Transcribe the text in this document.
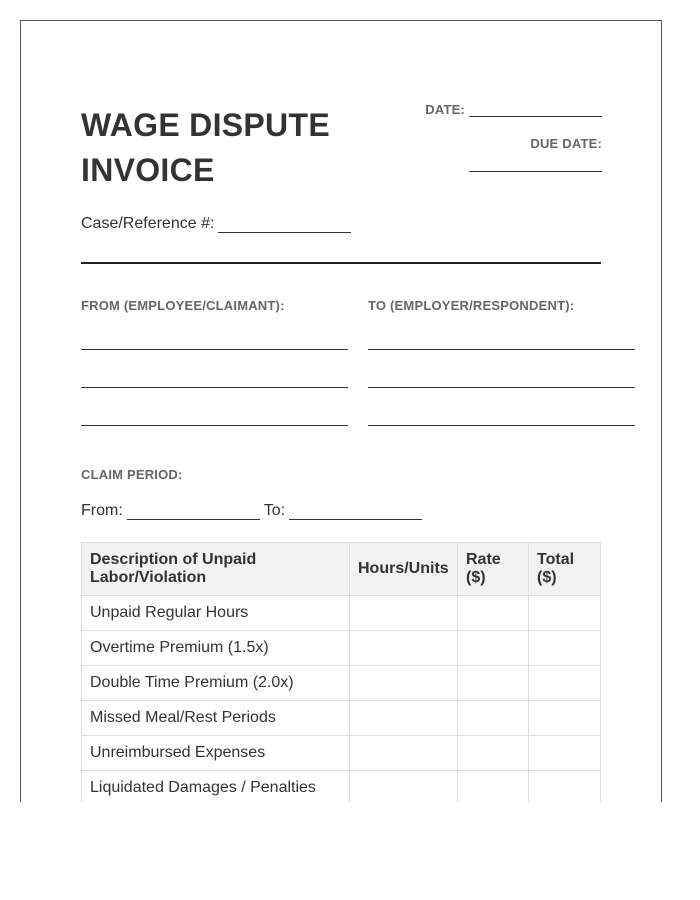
WAGE DISPUTE
INVOICE
DATE:
DUE DATE:
Case/Reference #:
FROM (EMPLOYEE/CLAIMANT):	TO (EMPLOYER/RESPONDENT):
CLAIM PERIOD:
From:	To:
Description of Unpaid Labor/Violation	Hours/Units	Rate ($)	Total ($)
Unpaid Regular Hours			
Overtime Premium (1.5x)			
Double Time Premium (2.0x)			
Missed Meal/Rest Periods			
Unreimbursed Expenses			
Liquidated Damages / Penalties			
